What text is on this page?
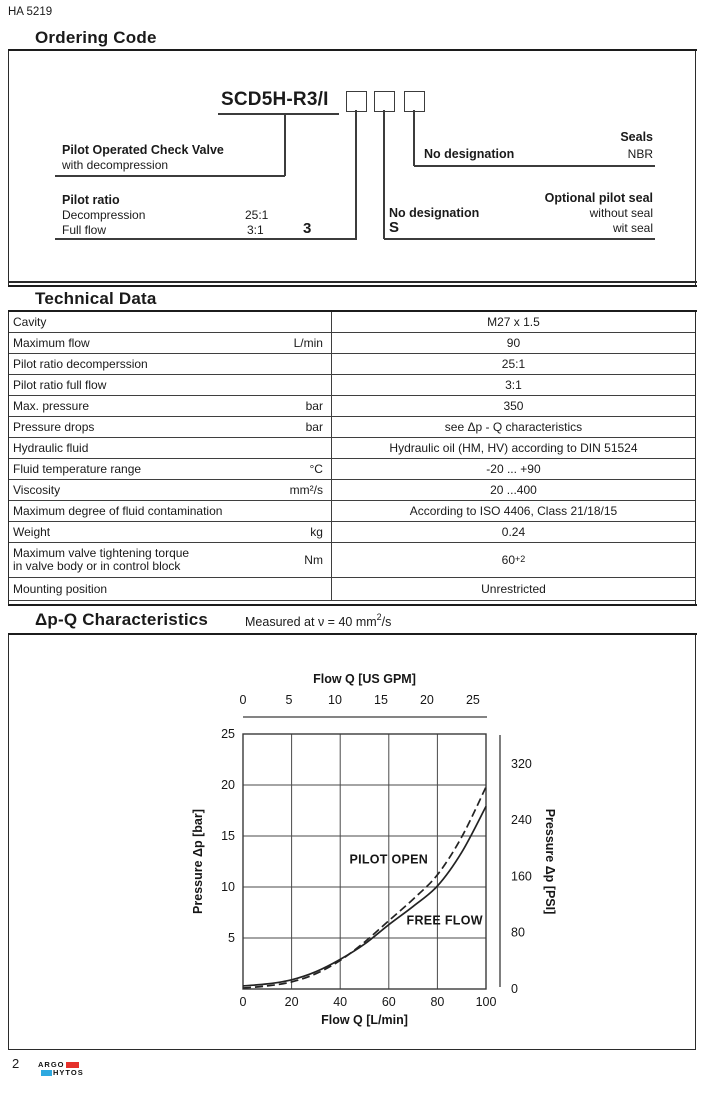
HA 5219
Ordering Code
SCD5H-R3/I
Pilot Operated Check Valve
with decompression
Pilot ratio
Decompression	25:1
Full flow	3:1	3
Seals
No designation	NBR
Optional pilot seal
No designation	without seal
S	wit seal
Technical Data
Cavity	M27 x 1.5
Maximum flow	L/min	90
Pilot ratio decomperssion	25:1
Pilot ratio full flow	3:1
Max. pressure	bar	350
Pressure drops	bar	see Δp - Q characteristics
Hydraulic fluid	Hydraulic oil (HM, HV) according to DIN 51524
Fluid temperature range	°C	-20 ... +90
Viscosity	mm²/s	20 ...400
Maximum degree of fluid contamination	According to ISO 4406, Class 21/18/15
Weight	kg	0.24
Maximum valve tightening torque
in valve body or in control block	Nm	$60^{+2}$
Mounting position	Unrestricted
Δp-Q Characteristics	Measured at ν = 40 $mm^2/s$
0	20	40	60	80 100
Flow Q [L/min]
25
20
15
10
5
Pressure Δp [bar]
0	5	10	15	20	25
Flow Q [US GPM]
320
240
160
80
0
Pressure Δp [PSI]
PILOT OPEN
FREE FLOW
2	ARGO
HYTOS
